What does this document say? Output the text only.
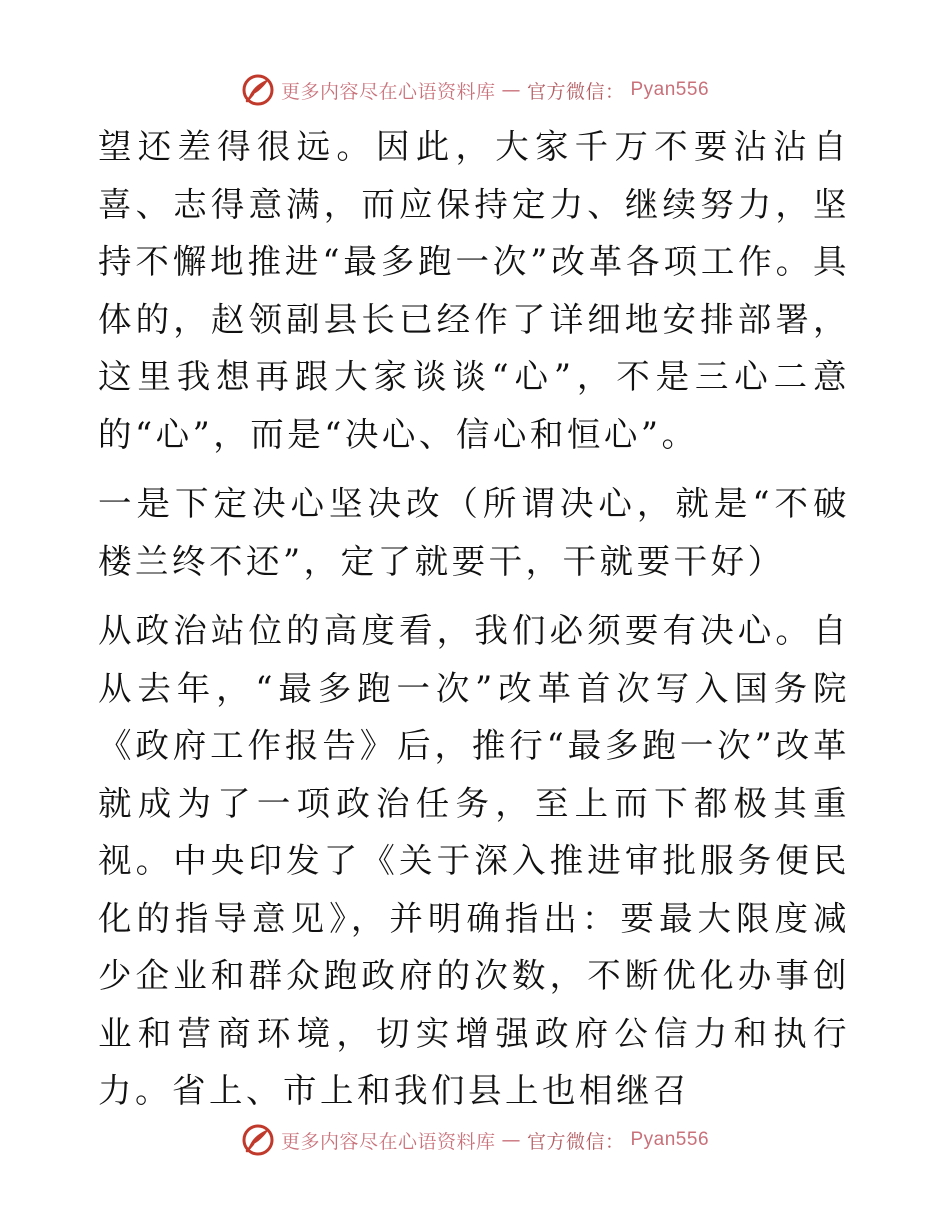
更多内容尽在心语资料库 — 官方微信： Pyan556

望还差得很远。因此，大家千万不要沾沾自喜、志得意满，而应保持定力、继续努力，坚持不懈地推进“最多跑一次”改革各项工作。具体的，赵领副县长已经作了详细地安排部署，这里我想再跟大家谈谈“心”，不是三心二意的“心”，而是“决心、信心和恒心”。

一是下定决心坚决改（所谓决心，就是“不破楼兰终不还”，定了就要干，干就要干好）

从政治站位的高度看，我们必须要有决心。自从去年，“最多跑一次”改革首次写入国务院《政府工作报告》后，推行“最多跑一次”改革就成为了一项政治任务，至上而下都极其重视。中央印发了《关于深入推进审批服务便民化的指导意见》，并明确指出：要最大限度减少企业和群众跑政府的次数，不断优化办事创业和营商环境，切实增强政府公信力和执行力。省上、市上和我们县上也相继召

更多内容尽在心语资料库 — 官方微信： Pyan556
